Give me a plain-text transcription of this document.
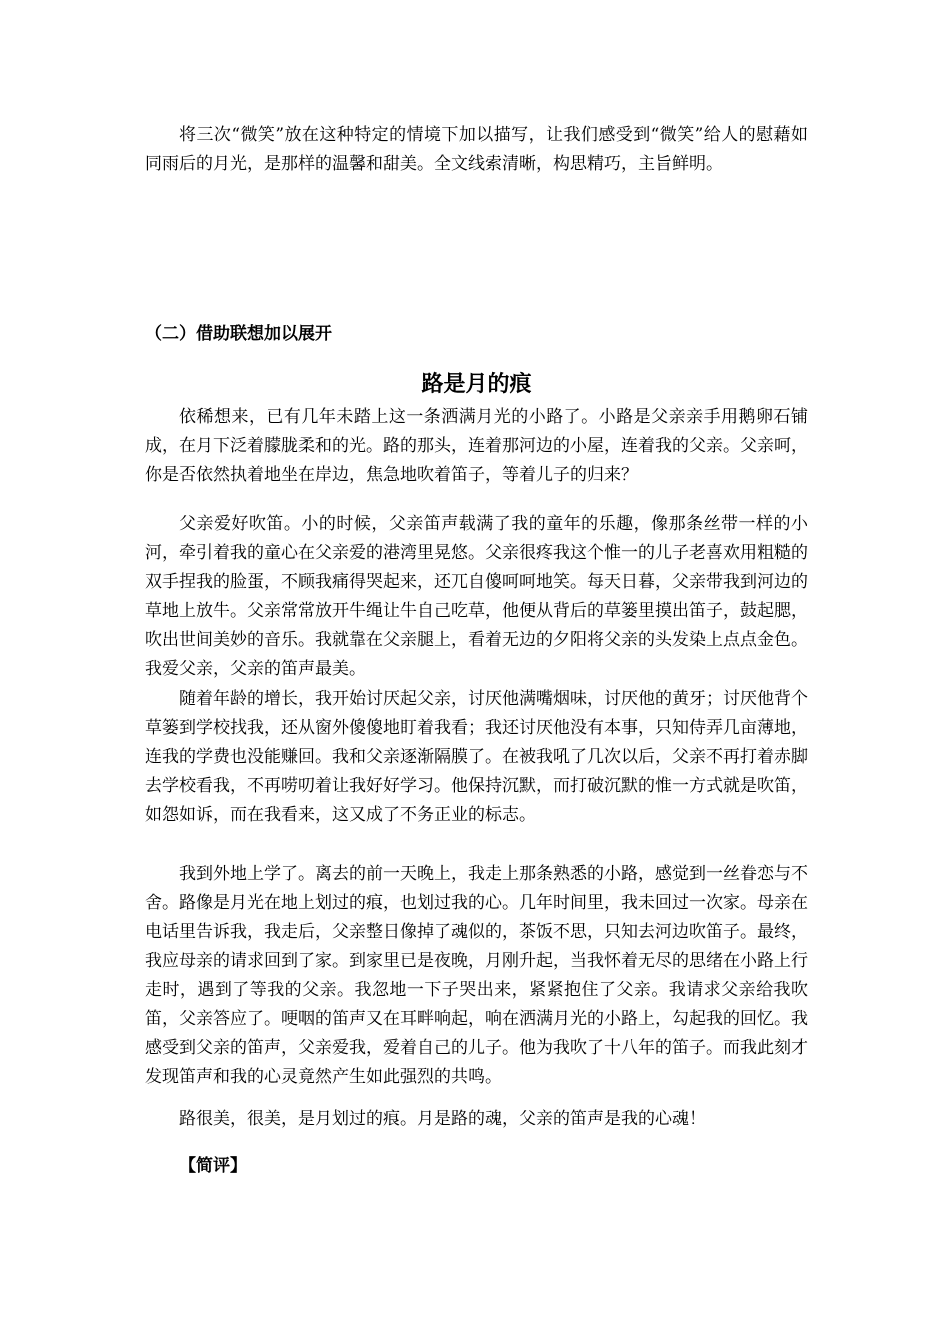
将三次“微笑”放在这种特定的情境下加以描写，让我们感受到“微笑”给人的慰藉如同雨后的月光，是那样的温馨和甜美。全文线索清晰，构思精巧，主旨鲜明。

（二）借助联想加以展开
路是月的痕

依稀想来，已有几年未踏上这一条洒满月光的小路了。小路是父亲亲手用鹅卵石铺成，在月下泛着朦胧柔和的光。路的那头，连着那河边的小屋，连着我的父亲。父亲呵，你是否依然执着地坐在岸边，焦急地吹着笛子，等着儿子的归来？

父亲爱好吹笛。小的时候，父亲笛声载满了我的童年的乐趣，像那条丝带一样的小河，牵引着我的童心在父亲爱的港湾里晃悠。父亲很疼我这个惟一的儿子老喜欢用粗糙的双手捏我的脸蛋，不顾我痛得哭起来，还兀自傻呵呵地笑。每天日暮，父亲带我到河边的草地上放牛。父亲常常放开牛绳让牛自己吃草，他便从背后的草篓里摸出笛子，鼓起腮，吹出世间美妙的音乐。我就靠在父亲腿上，看着无边的夕阳将父亲的头发染上点点金色。我爱父亲，父亲的笛声最美。

随着年龄的增长，我开始讨厌起父亲，讨厌他满嘴烟味，讨厌他的黄牙；讨厌他背个草篓到学校找我，还从窗外傻傻地盯着我看；我还讨厌他没有本事，只知侍弄几亩薄地，连我的学费也没能赚回。我和父亲逐渐隔膜了。在被我吼了几次以后，父亲不再打着赤脚去学校看我，不再唠叨着让我好好学习。他保持沉默，而打破沉默的惟一方式就是吹笛，如怨如诉，而在我看来，这又成了不务正业的标志。

我到外地上学了。离去的前一天晚上，我走上那条熟悉的小路，感觉到一丝眷恋与不舍。路像是月光在地上划过的痕，也划过我的心。几年时间里，我未回过一次家。母亲在电话里告诉我，我走后，父亲整日像掉了魂似的，茶饭不思，只知去河边吹笛子。最终，我应母亲的请求回到了家。到家里已是夜晚，月刚升起，当我怀着无尽的思绪在小路上行走时，遇到了等我的父亲。我忽地一下子哭出来，紧紧抱住了父亲。我请求父亲给我吹笛，父亲答应了。哽咽的笛声又在耳畔响起，响在洒满月光的小路上，勾起我的回忆。我感受到父亲的笛声，父亲爱我，爱着自己的儿子。他为我吹了十八年的笛子。而我此刻才发现笛声和我的心灵竟然产生如此强烈的共鸣。

路很美，很美，是月划过的痕。月是路的魂，父亲的笛声是我的心魂！

【简评】
